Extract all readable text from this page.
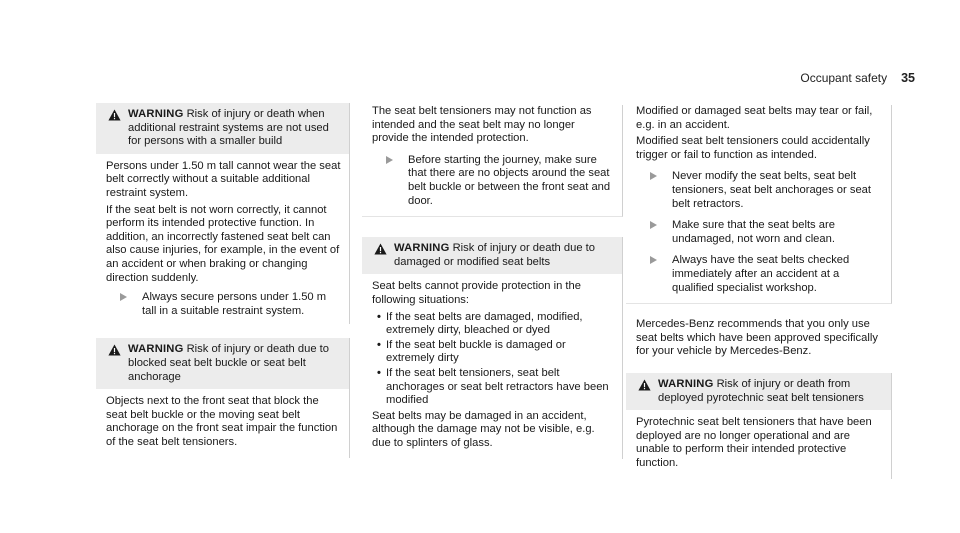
Occupant safety 35
WARNING Risk of injury or death when additional restraint systems are not used for persons with a smaller build

Persons under 1.50 m tall cannot wear the seat belt correctly without a suitable additional restraint system.

If the seat belt is not worn correctly, it cannot perform its intended protective function. In addition, an incorrectly fastened seat belt can also cause injuries, for example, in the event of an accident or when braking or changing direction suddenly.

Always secure persons under 1.50 m tall in a suitable restraint system.
WARNING Risk of injury or death due to blocked seat belt buckle or seat belt anchorage

Objects next to the front seat that block the seat belt buckle or the moving seat belt anchorage on the front seat impair the function of the seat belt tensioners.

The seat belt tensioners may not function as intended and the seat belt may no longer provide the intended protection.

Before starting the journey, make sure that there are no objects around the seat belt buckle or between the front seat and door.
WARNING Risk of injury or death due to damaged or modified seat belts

Seat belts cannot provide protection in the following situations:

• If the seat belts are damaged, modified, extremely dirty, bleached or dyed
• If the seat belt buckle is damaged or extremely dirty
• If the seat belt tensioners, seat belt anchorages or seat belt retractors have been modified

Seat belts may be damaged in an accident, although the damage may not be visible, e.g. due to splinters of glass.

Modified or damaged seat belts may tear or fail, e.g. in an accident.

Modified seat belt tensioners could accidentally trigger or fail to function as intended.

Never modify the seat belts, seat belt tensioners, seat belt anchorages or seat belt retractors.
Make sure that the seat belts are undamaged, not worn and clean.
Always have the seat belts checked immediately after an accident at a qualified specialist workshop.

Mercedes-Benz recommends that you only use seat belts which have been approved specifically for your vehicle by Mercedes-Benz.

WARNING Risk of injury or death from deployed pyrotechnic seat belt tensioners

Pyrotechnic seat belt tensioners that have been deployed are no longer operational and are unable to perform their intended protective function.
